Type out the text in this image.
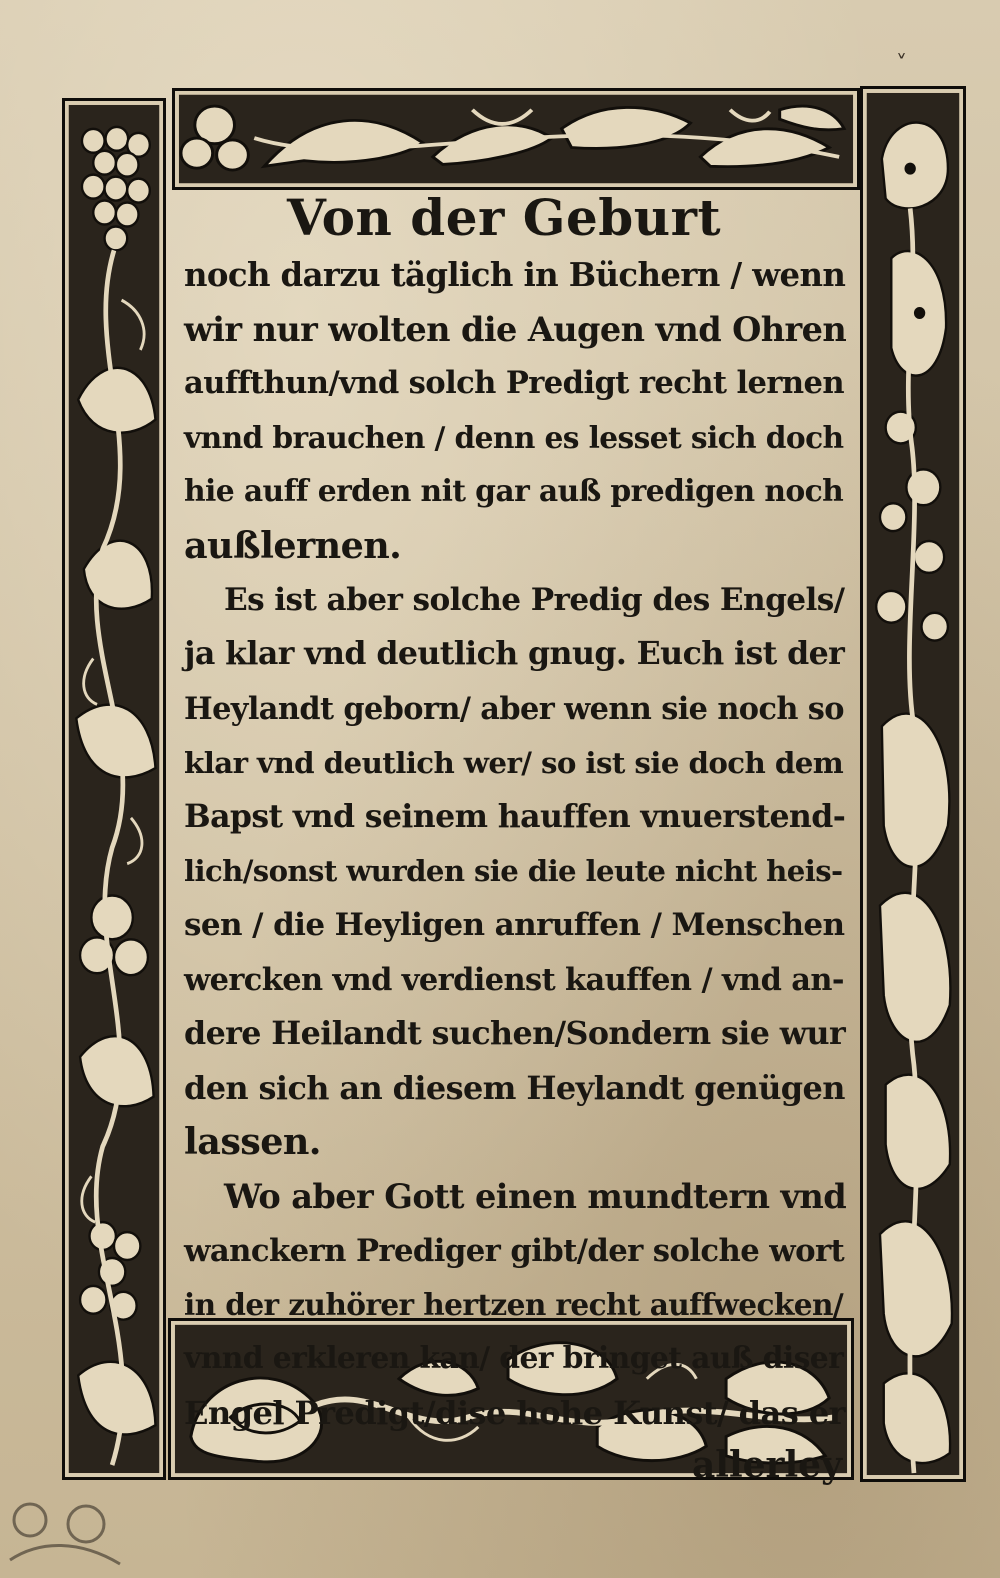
˅
Von der Geburt
noch darzu täglich in Büchern / wenn
wir nur wolten die Augen vnd Ohren
auffthun/vnd solch Predigt recht lernen
vnnd brauchen / denn es lesset sich doch
hie auff erden nit gar auß predigen noch
außlernen.
Es ist aber solche Predig des Engels/
ja klar vnd deutlich gnug. Euch ist der
Heylandt geborn/ aber wenn sie noch so
klar vnd deutlich wer/ so ist sie doch dem
Bapst vnd seinem hauffen vnuerstend-
lich/sonst wurden sie die leute nicht heis-
sen / die Heyligen anruffen / Menschen
wercken vnd verdienst kauffen / vnd an-
dere Heilandt suchen/Sondern sie wur
den sich an diesem Heylandt genügen
lassen.
Wo aber Gott einen mundtern vnd
wanckern Prediger gibt/der solche wort
in der zuhörer hertzen recht auffwecken/
vnnd erkleren kan/ der bringet auß diser
Engel Predigt/dise hohe Kunst/ das er
allerley
